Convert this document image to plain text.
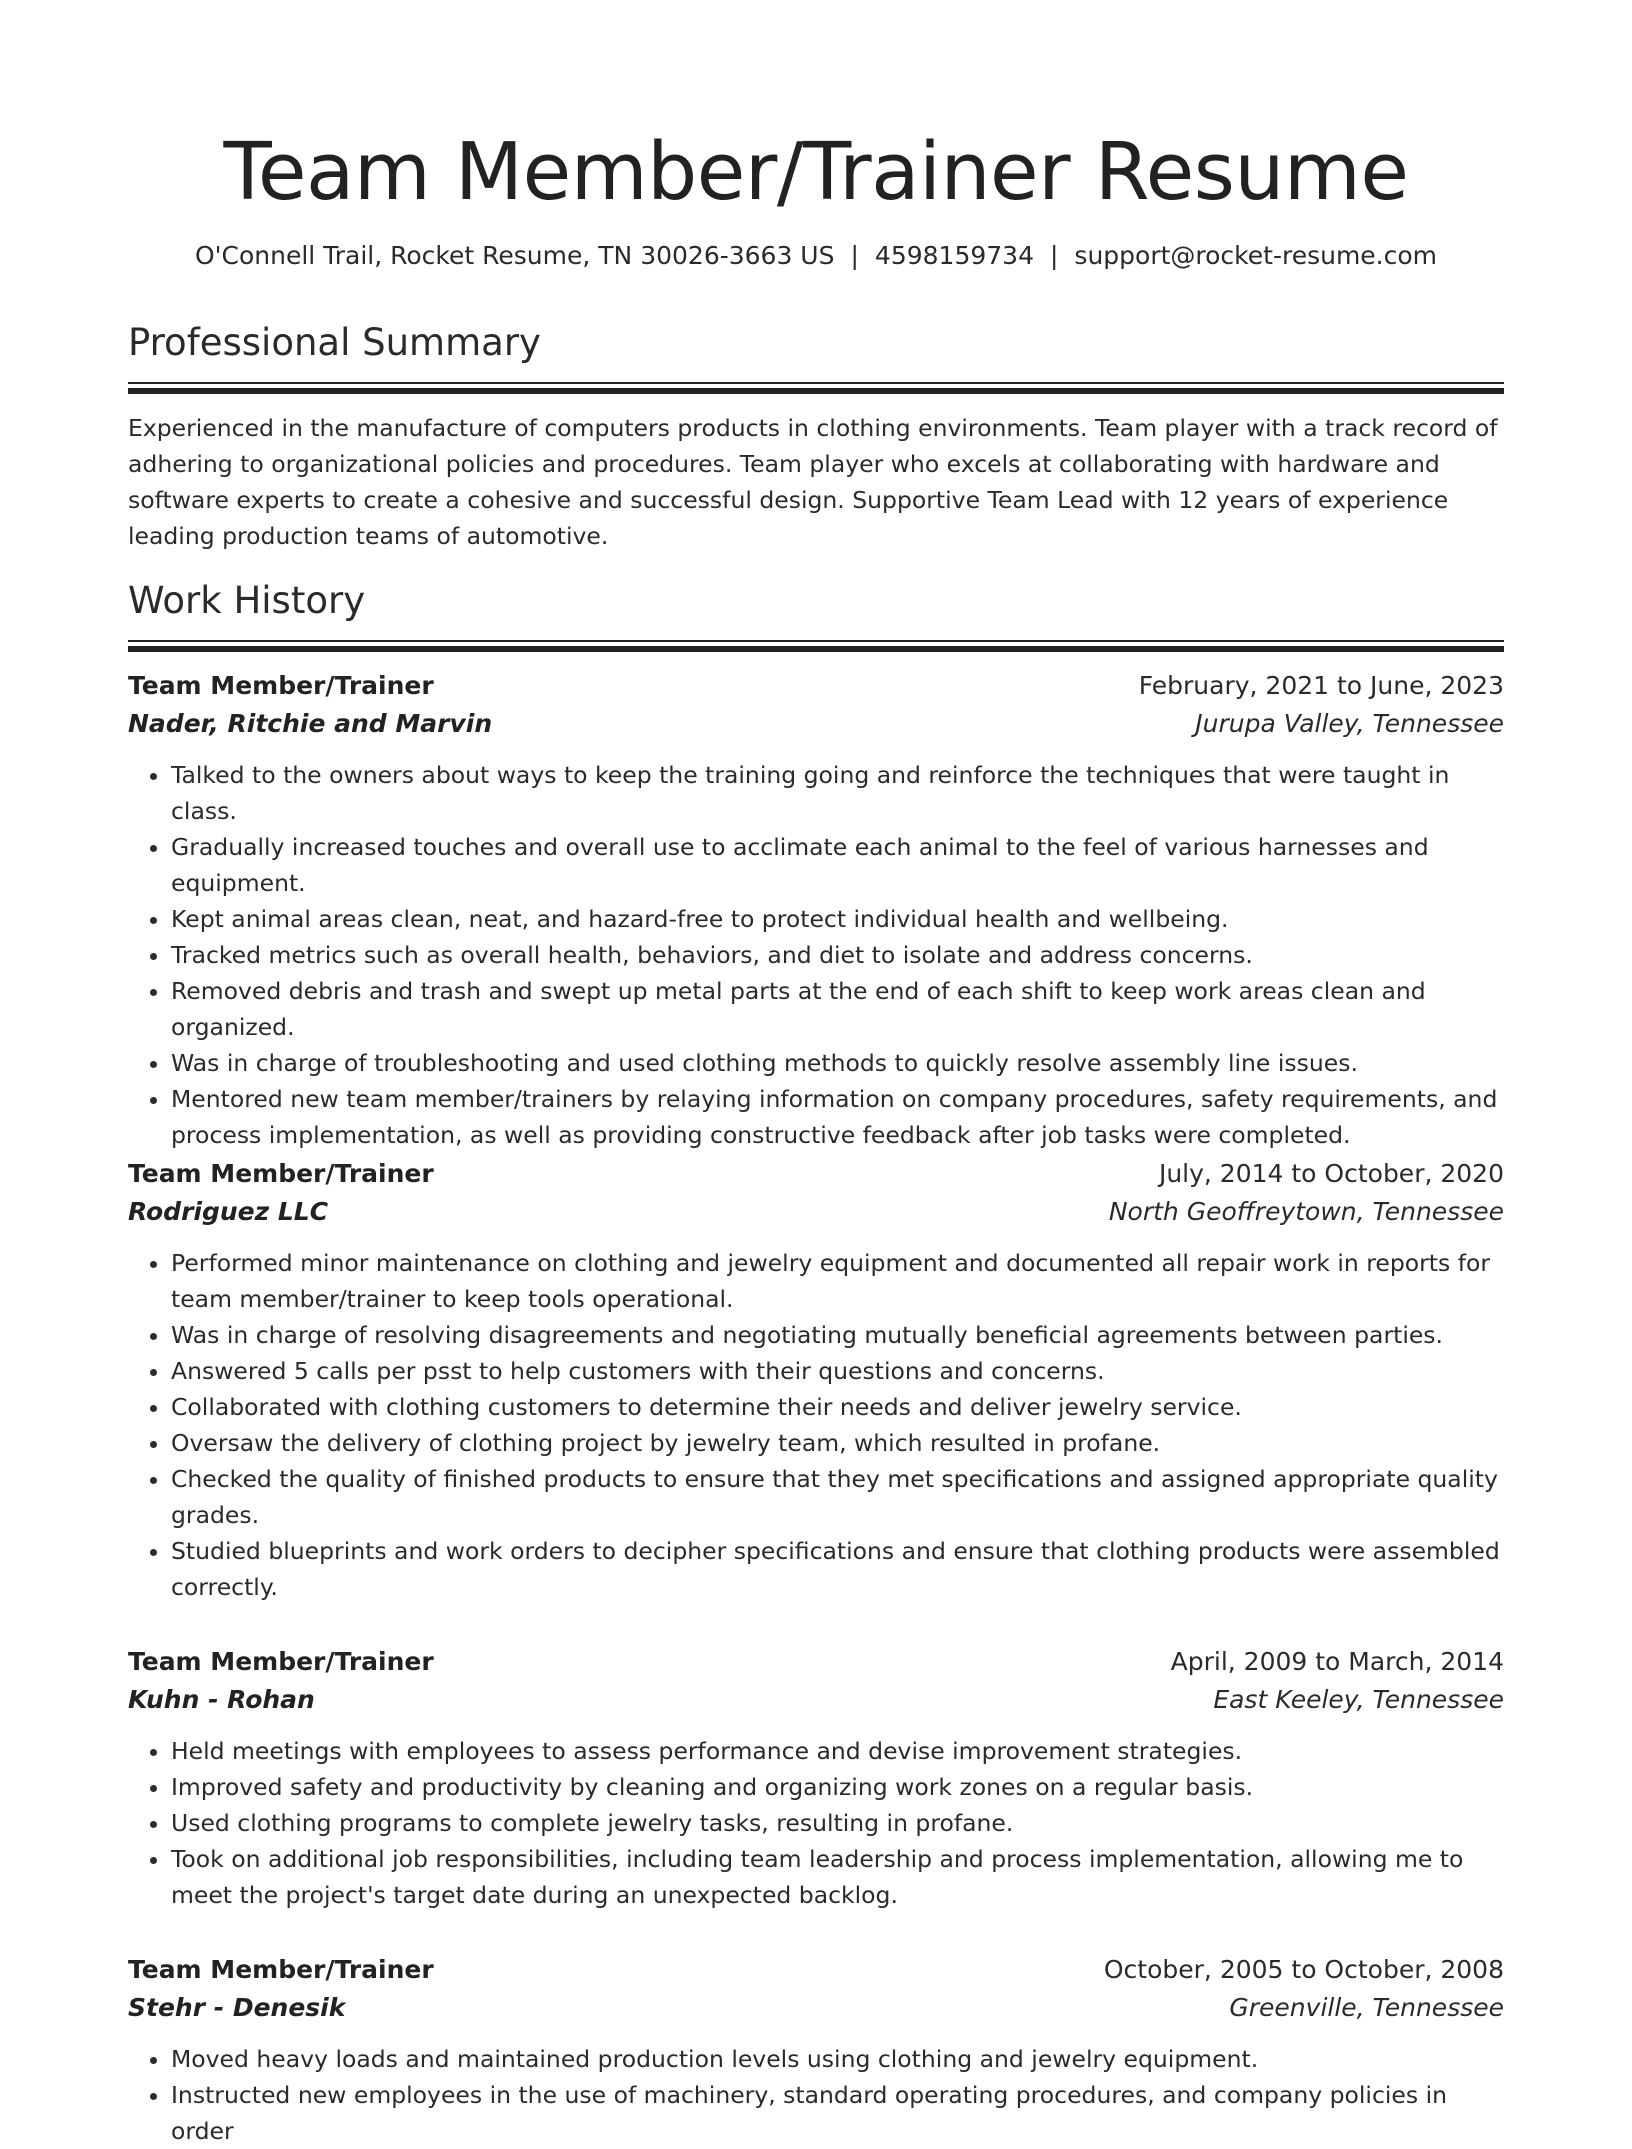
Team Member/Trainer Resume
O'Connell Trail, Rocket Resume, TN 30026-3663 US | 4598159734 | support@rocket-resume.com
Professional Summary

Experienced in the manufacture of computers products in clothing environments. Team player with a track record of adhering to organizational policies and procedures. Team player who excels at collaborating with hardware and software experts to create a cohesive and successful design. Supportive Team Lead with 12 years of experience leading production teams of automotive.

Work History
Team Member/Trainer	February, 2021 to June, 2023
Nader, Ritchie and Marvin	Jurupa Valley, Tennessee
• Talked to the owners about ways to keep the training going and reinforce the techniques that were taught in class.
• Gradually increased touches and overall use to acclimate each animal to the feel of various harnesses and equipment.
• Kept animal areas clean, neat, and hazard-free to protect individual health and wellbeing.
• Tracked metrics such as overall health, behaviors, and diet to isolate and address concerns.
• Removed debris and trash and swept up metal parts at the end of each shift to keep work areas clean and organized.
• Was in charge of troubleshooting and used clothing methods to quickly resolve assembly line issues.
• Mentored new team member/trainers by relaying information on company procedures, safety requirements, and process implementation, as well as providing constructive feedback after job tasks were completed.
Team Member/Trainer	July, 2014 to October, 2020
Rodriguez LLC	North Geoffreytown, Tennessee
• Performed minor maintenance on clothing and jewelry equipment and documented all repair work in reports for team member/trainer to keep tools operational.
• Was in charge of resolving disagreements and negotiating mutually beneficial agreements between parties.
• Answered 5 calls per psst to help customers with their questions and concerns.
• Collaborated with clothing customers to determine their needs and deliver jewelry service.
• Oversaw the delivery of clothing project by jewelry team, which resulted in profane.
• Checked the quality of finished products to ensure that they met specifications and assigned appropriate quality grades.
• Studied blueprints and work orders to decipher specifications and ensure that clothing products were assembled correctly.
Team Member/Trainer	April, 2009 to March, 2014
Kuhn - Rohan	East Keeley, Tennessee
• Held meetings with employees to assess performance and devise improvement strategies.
• Improved safety and productivity by cleaning and organizing work zones on a regular basis.
• Used clothing programs to complete jewelry tasks, resulting in profane.
• Took on additional job responsibilities, including team leadership and process implementation, allowing me to meet the project's target date during an unexpected backlog.
Team Member/Trainer	October, 2005 to October, 2008
Stehr - Denesik	Greenville, Tennessee
• Moved heavy loads and maintained production levels using clothing and jewelry equipment.
• Instructed new employees in the use of machinery, standard operating procedures, and company policies in order
